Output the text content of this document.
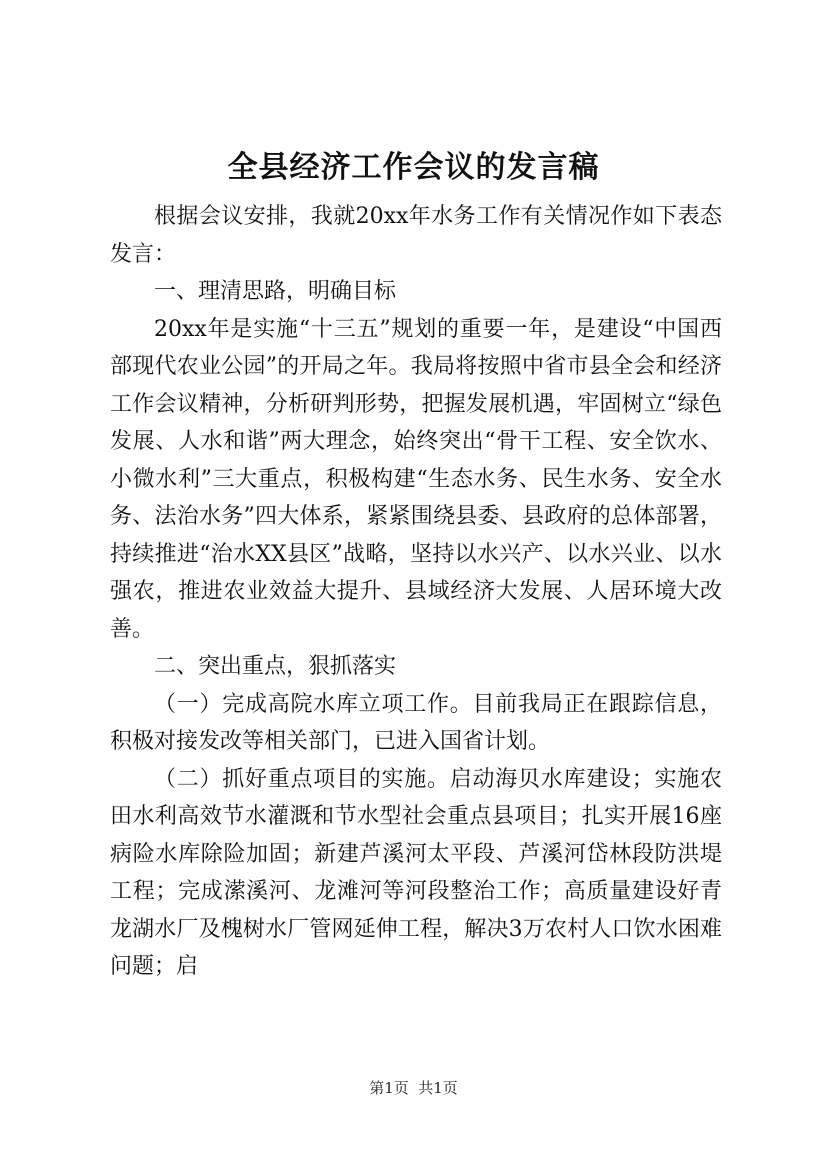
全县经济工作会议的发言稿

根据会议安排，我就20xx年水务工作有关情况作如下表态发言：

一、理清思路，明确目标

20xx年是实施“十三五”规划的重要一年，是建设“中国西部现代农业公园”的开局之年。我局将按照中省市县全会和经济工作会议精神，分析研判形势，把握发展机遇，牢固树立“绿色发展、人水和谐”两大理念，始终突出“骨干工程、安全饮水、小微水利”三大重点，积极构建“生态水务、民生水务、安全水务、法治水务”四大体系，紧紧围绕县委、县政府的总体部署，持续推进“治水XX县区”战略，坚持以水兴产、以水兴业、以水强农，推进农业效益大提升、县域经济大发展、人居环境大改善。

二、突出重点，狠抓落实

（一）完成高院水库立项工作。目前我局正在跟踪信息，积极对接发改等相关部门，已进入国省计划。

（二）抓好重点项目的实施。启动海贝水库建设；实施农田水利高效节水灌溉和节水型社会重点县项目；扎实开展16座病险水库除险加固；新建芦溪河太平段、芦溪河岱林段防洪堤工程；完成潆溪河、龙滩河等河段整治工作；高质量建设好青龙湖水厂及槐树水厂管网延伸工程，解决3万农村人口饮水困难问题；启

第1页  共1页
